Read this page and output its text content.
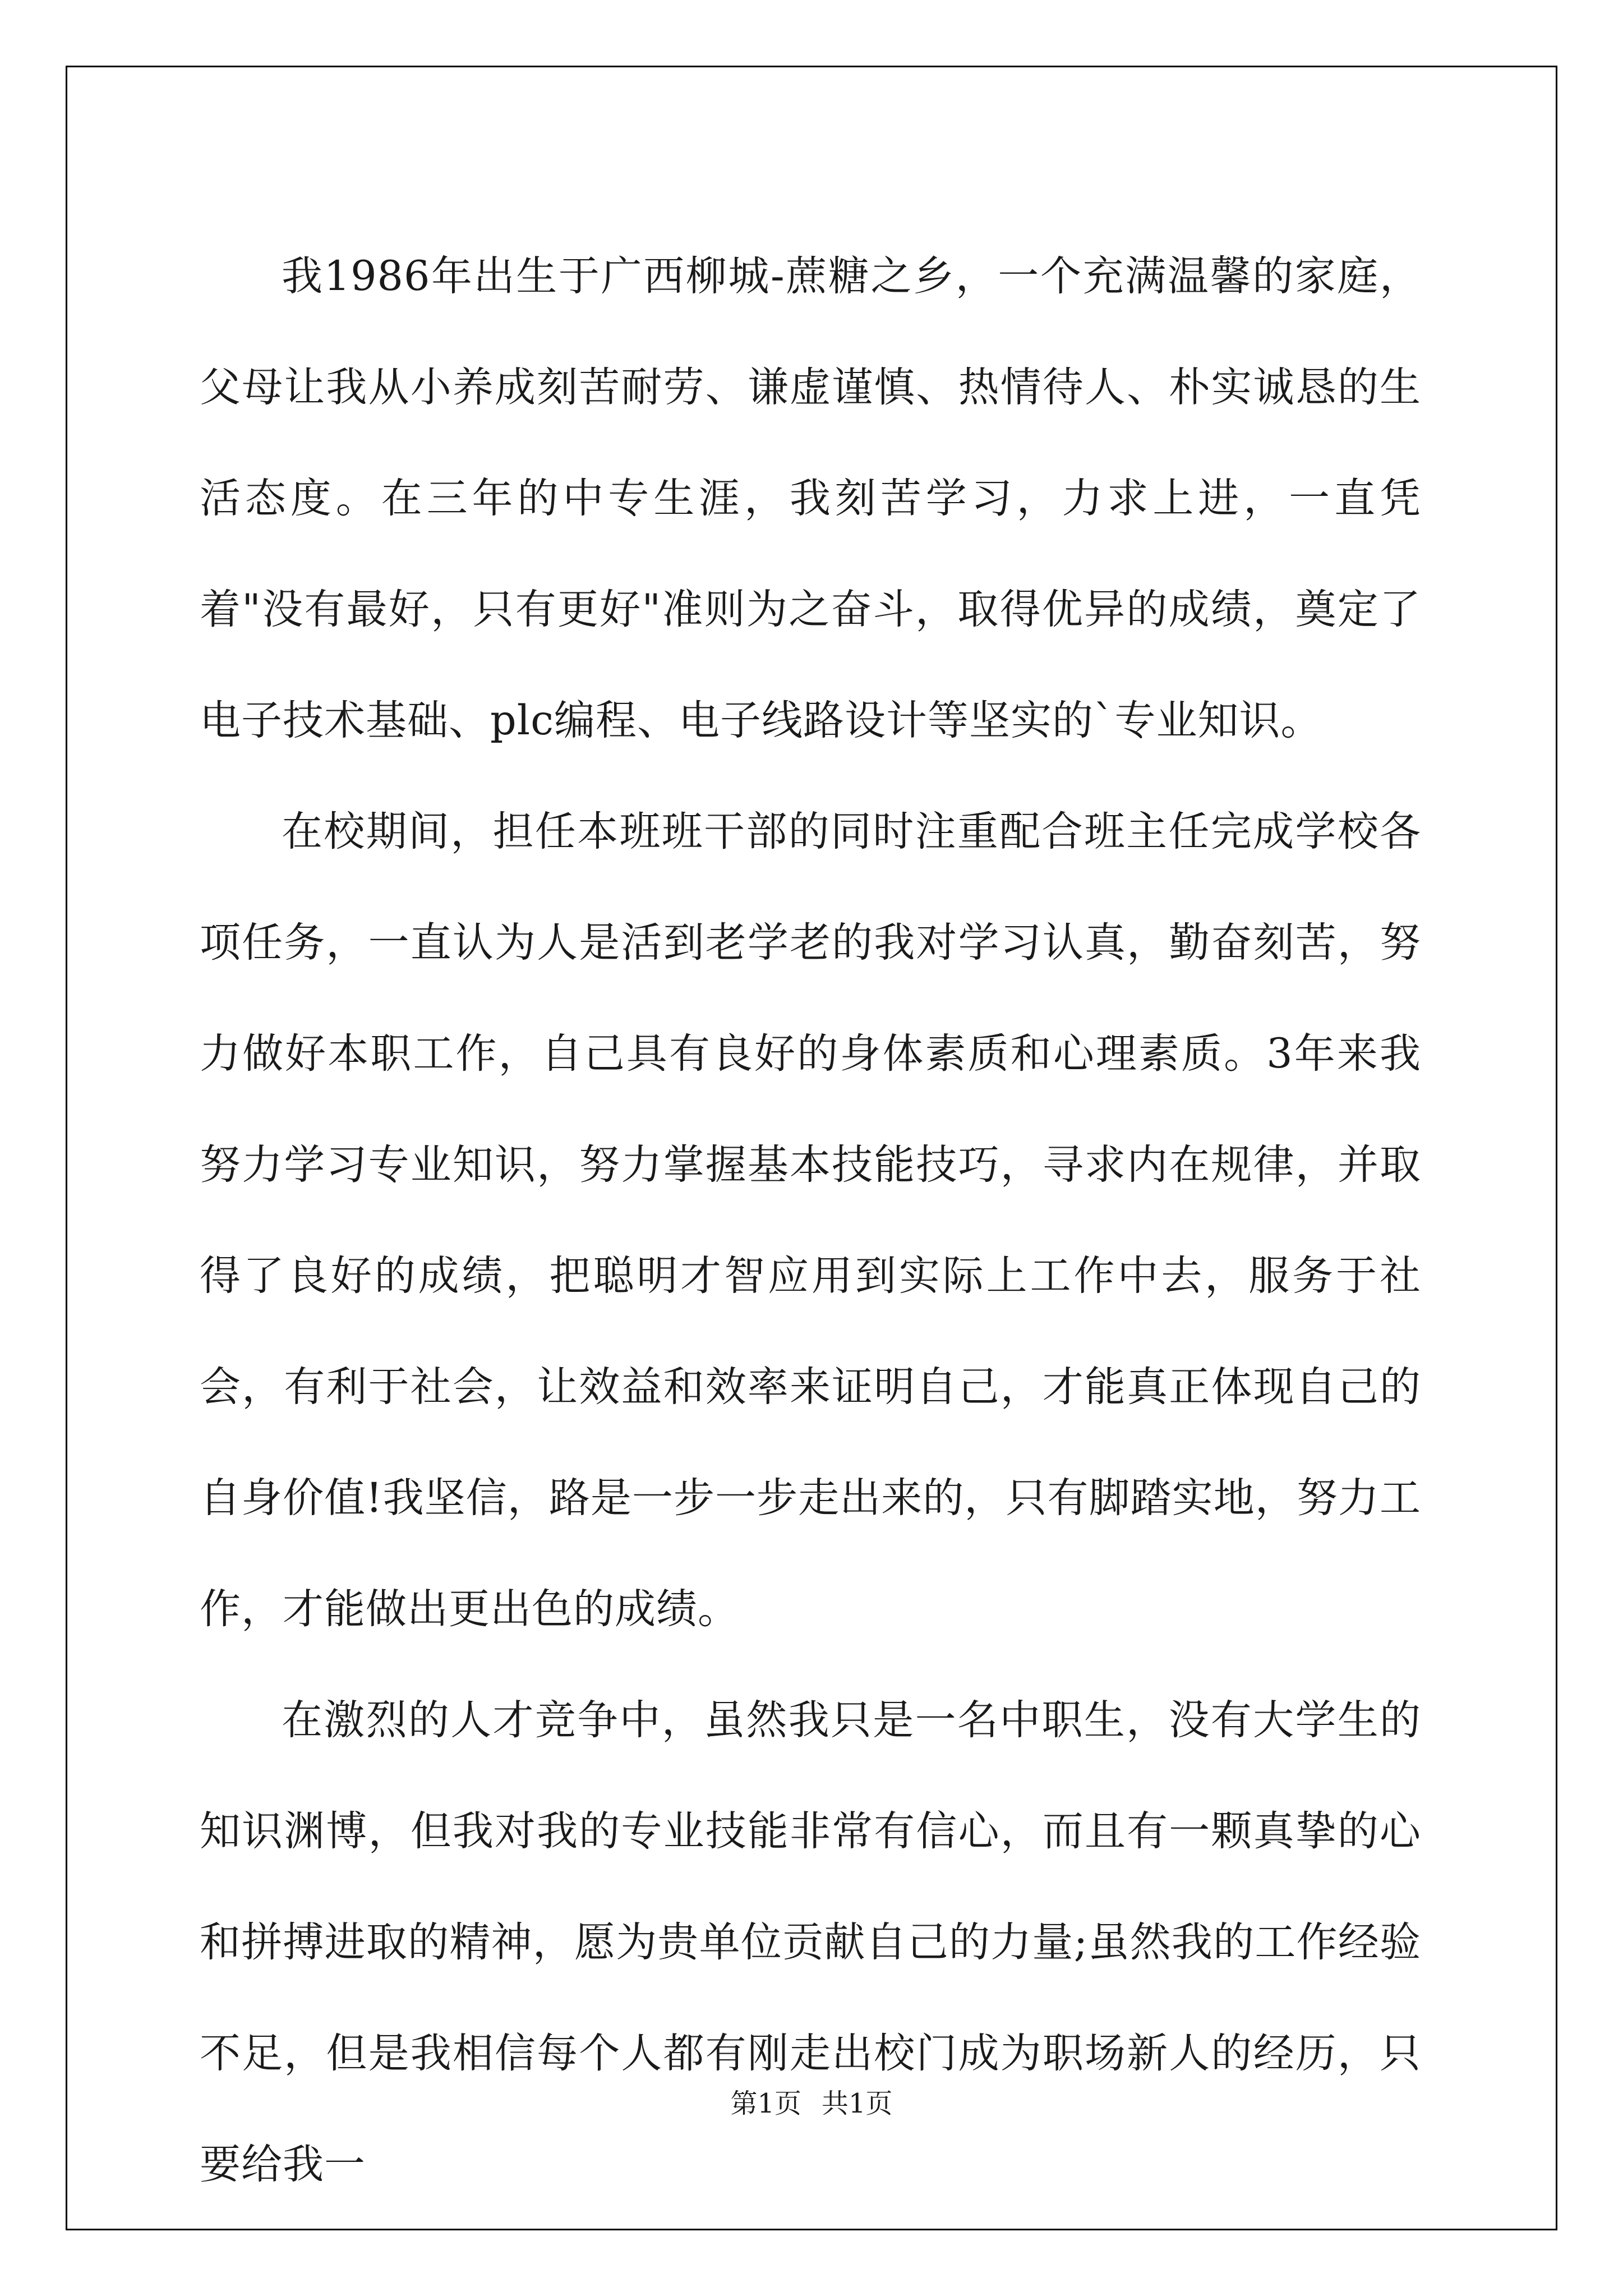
我1986年出生于广西柳城-蔗糖之乡，一个充满温馨的家庭，父母让我从小养成刻苦耐劳、谦虚谨慎、热情待人、朴实诚恳的生活态度。在三年的中专生涯，我刻苦学习，力求上进，一直凭着"没有最好，只有更好"准则为之奋斗，取得优异的成绩，奠定了电子技术基础、plc编程、电子线路设计等坚实的`专业知识。

在校期间，担任本班班干部的同时注重配合班主任完成学校各项任务，一直认为人是活到老学老的我对学习认真，勤奋刻苦，努力做好本职工作，自己具有良好的身体素质和心理素质。3年来我努力学习专业知识，努力掌握基本技能技巧，寻求内在规律，并取得了良好的成绩，把聪明才智应用到实际上工作中去，服务于社会，有利于社会，让效益和效率来证明自己，才能真正体现自己的自身价值!我坚信，路是一步一步走出来的，只有脚踏实地，努力工作，才能做出更出色的成绩。

在激烈的人才竞争中，虽然我只是一名中职生，没有大学生的知识渊博，但我对我的专业技能非常有信心，而且有一颗真挚的心和拼搏进取的精神，愿为贵单位贡献自己的力量;虽然我的工作经验不足，但是我相信每个人都有刚走出校门成为职场新人的经历，只要给我一

第1页 共1页
